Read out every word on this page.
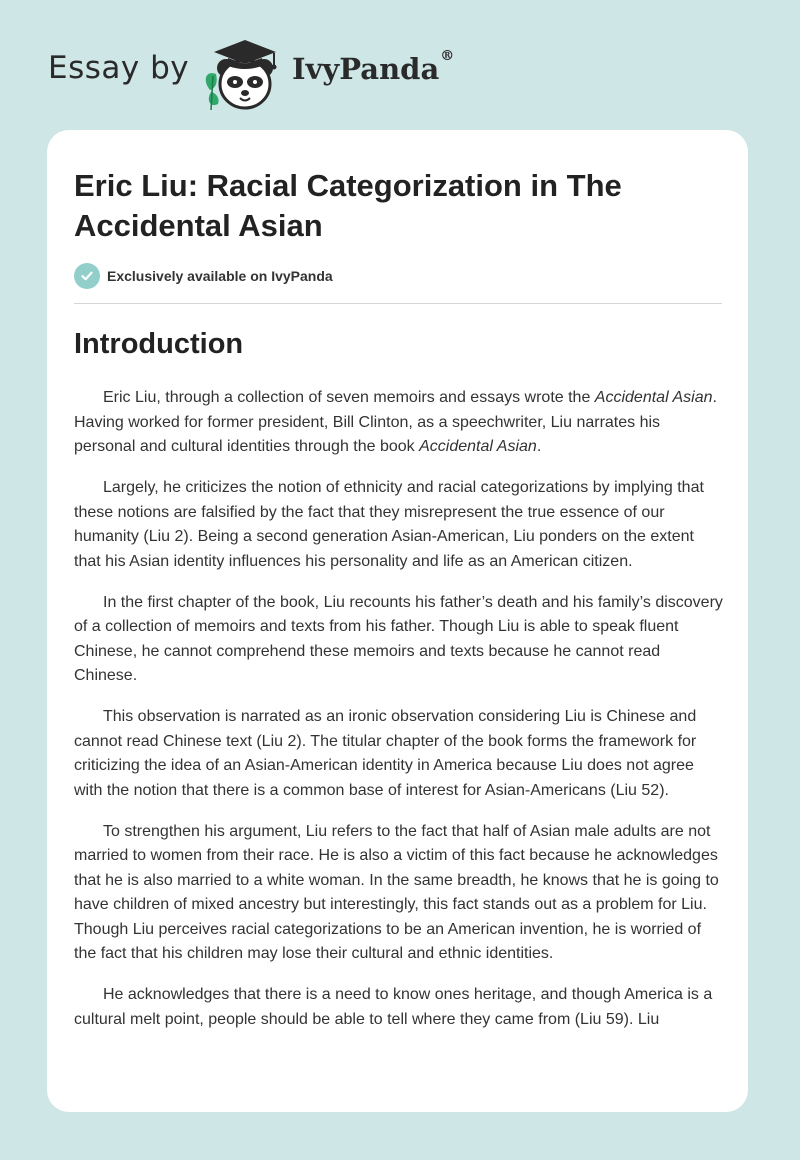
Essay by	IvyPanda®
Eric Liu: Racial Categorization in The Accidental Asian
Exclusively available on IvyPanda
Introduction

Eric Liu, through a collection of seven memoirs and essays wrote the Accidental Asian. Having worked for former president, Bill Clinton, as a speechwriter, Liu narrates his personal and cultural identities through the book Accidental Asian.

Largely, he criticizes the notion of ethnicity and racial categorizations by implying that these notions are falsified by the fact that they misrepresent the true essence of our humanity (Liu 2). Being a second generation Asian-American, Liu ponders on the extent that his Asian identity influences his personality and life as an American citizen.

In the first chapter of the book, Liu recounts his father’s death and his family’s discovery of a collection of memoirs and texts from his father. Though Liu is able to speak fluent Chinese, he cannot comprehend these memoirs and texts because he cannot read Chinese.

This observation is narrated as an ironic observation considering Liu is Chinese and cannot read Chinese text (Liu 2). The titular chapter of the book forms the framework for criticizing the idea of an Asian-American identity in America because Liu does not agree with the notion that there is a common base of interest for Asian-Americans (Liu 52).

To strengthen his argument, Liu refers to the fact that half of Asian male adults are not married to women from their race. He is also a victim of this fact because he acknowledges that he is also married to a white woman. In the same breadth, he knows that he is going to have children of mixed ancestry but interestingly, this fact stands out as a problem for Liu. Though Liu perceives racial categorizations to be an American invention, he is worried of the fact that his children may lose their cultural and ethnic identities.

He acknowledges that there is a need to know ones heritage, and though America is a cultural melt point, people should be able to tell where they came from (Liu 59). Liu
